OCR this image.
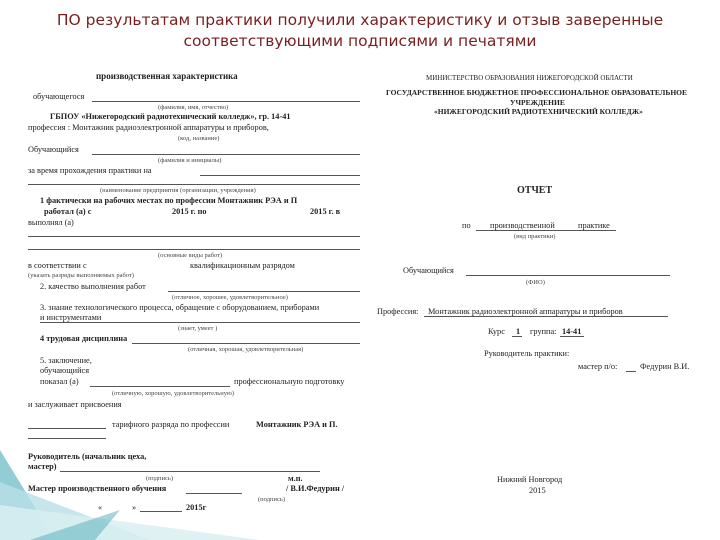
ПО результатам практики получили характеристику и отзыв заверенные
соответствующими подписями и печатями
производственная характеристика
обучающегося
(фамилия, имя, отчество)
ГБПОУ «Нижегородский радиотехнический колледж», гр. 14-41
профессия : Монтажник радиоэлектронной аппаратуры и приборов,
(код, название)
Обучающийся
(фамилия и инициалы)
за время прохождения практики на
(наименование предприятия (организации, учреждения)
1 фактически на рабочих местах по профессии Монтажник РЭА и П
работал (а) с	2015 г. по	2015 г. в
выполнял (а)
(основные виды работ)
в соответствии с	квалификационным разрядом
(указать разряды выполняемых работ)
2. качество выполнения работ
(отличное, хорошее, удовлетворительное)
3. знание технологического процесса, обращение с оборудованием, приборами
и инструментами
(знает, умеет )
4 трудовая дисциплина
(отличная, хорошая, удовлетворительная)
5. заключение,
обучающийся
показал (а)	профессиональную подготовку
(отличную, хорошую, удовлетворительную)
и заслуживает присвоения
тарифного разряда по профессии	Монтажник РЭА и П.
Руководитель (начальник цеха,
мастер)
(подпись)	м.п.
Мастер производственного обучения	/ В.И.Федурин /
(подпись)
«	»	2015г
МИНИСТЕРСТВО ОБРАЗОВАНИЯ НИЖЕГОРОДСКОЙ ОБЛАСТИ
ГОСУДАРСТВЕННОЕ БЮДЖЕТНОЕ ПРОФЕССИОНАЛЬНОЕ ОБРАЗОВАТЕЛЬНОЕ
УЧРЕЖДЕНИЕ
«НИЖЕГОРОДСКИЙ РАДИОТЕХНИЧЕСКИЙ КОЛЛЕДЖ»
ОТЧЕТ
по производственной	практике
(вид практики)
Обучающийся
(ФИО)
Профессия: Монтажник радиоэлектронной аппаратуры и приборов
Курс 1 группа: 14-41
Руководитель практики:
мастер п/о:	Федурин В.И.
Нижний Новгород
2015
